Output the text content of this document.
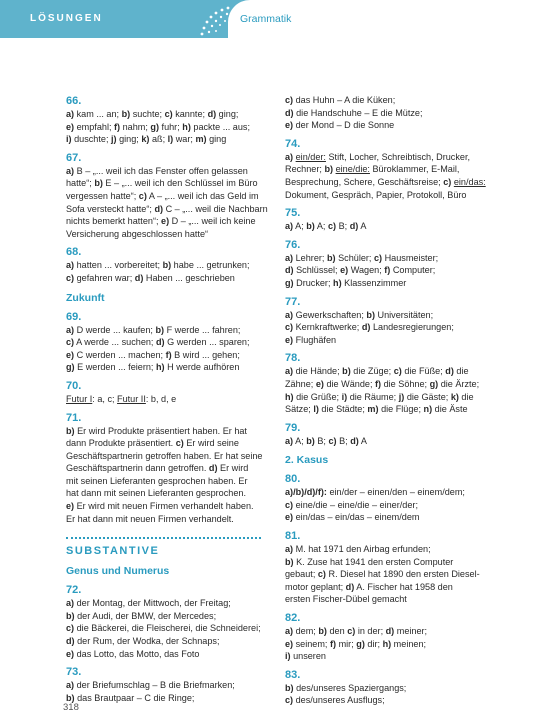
LÖSUNGEN	Grammatik
66.
a) kam ... an; b) suchte; c) kannte; d) ging;
e) empfahl; f) nahm; g) fuhr; h) packte ... aus;
i) duschte; j) ging; k) aß; l) war; m) ging
67.
a) B – „... weil ich das Fenster offen gelassen
hatte“; b) E – „... weil ich den Schlüssel im Büro
vergessen hatte“; c) A – „... weil ich das Geld im
Sofa versteckt hatte“; d) C – „... weil die Nachbarn
nichts bemerkt hatten“; e) D – „... weil ich keine
Versicherung abgeschlossen hatte“
68.
a) hatten ... vorbereitet; b) habe ... getrunken;
c) gefahren war; d) Haben ... geschrieben
Zukunft
69.
a) D werde ... kaufen; b) F werde ... fahren;
c) A werde ... suchen; d) G werden ... sparen;
e) C werden ... machen; f) B wird ... gehen;
g) E werden ... feiern; h) H werde aufhören
70.
Futur I: a, c; Futur II: b, d, e
71.
b) Er wird Produkte präsentiert haben. Er hat
dann Produkte präsentiert. c) Er wird seine
Geschäftspartnerin getroffen haben. Er hat seine
Geschäftspartnerin dann getroffen. d) Er wird
mit seinen Lieferanten gesprochen haben. Er
hat dann mit seinen Lieferanten gesprochen.
e) Er wird mit neuen Firmen verhandelt haben.
Er hat dann mit neuen Firmen verhandelt.
SUBSTANTIVE
Genus und Numerus
72.
a) der Montag, der Mittwoch, der Freitag;
b) der Audi, der BMW, der Mercedes;
c) die Bäckerei, die Fleischerei, die Schneiderei;
d) der Rum, der Wodka, der Schnaps;
e) das Lotto, das Motto, das Foto
73.
a) der Briefumschlag – B die Briefmarken;
b) das Brautpaar – C die Ringe;
c) das Huhn – A die Küken;
d) die Handschuhe – E die Mütze;
e) der Mond – D die Sonne
74.
a) ein/der: Stift, Locher, Schreibtisch, Drucker,
Rechner; b) eine/die: Büroklammer, E-Mail,
Besprechung, Schere, Geschäftsreise; c) ein/das:
Dokument, Gespräch, Papier, Protokoll, Büro
75.
a) A; b) A; c) B; d) A
76.
a) Lehrer; b) Schüler; c) Hausmeister;
d) Schlüssel; e) Wagen; f) Computer;
g) Drucker; h) Klassenzimmer
77.
a) Gewerkschaften; b) Universitäten;
c) Kernkraftwerke; d) Landesregierungen;
e) Flughäfen
78.
a) die Hände; b) die Züge; c) die Füße; d) die
Zähne; e) die Wände; f) die Söhne; g) die Ärzte;
h) die Grüße; i) die Räume; j) die Gäste; k) die
Sätze; l) die Städte; m) die Flüge; n) die Äste
79.
a) A; b) B; c) B; d) A
2. Kasus
80.
a)/b)/d)/f): ein/der – einen/den – einem/dem;
c) eine/die – eine/die – einer/der;
e) ein/das – ein/das – einem/dem
81.
a) M. hat 1971 den Airbag erfunden;
b) K. Zuse hat 1941 den ersten Computer
gebaut; c) R. Diesel hat 1890 den ersten Diesel-
motor geplant; d) A. Fischer hat 1958 den
ersten Fischer-Dübel gemacht
82.
a) dem; b) den c) in der; d) meiner;
e) seinem; f) mir; g) dir; h) meinen;
i) unseren
83.
b) des/unseres Spaziergangs;
c) des/unseres Ausflugs;
318
